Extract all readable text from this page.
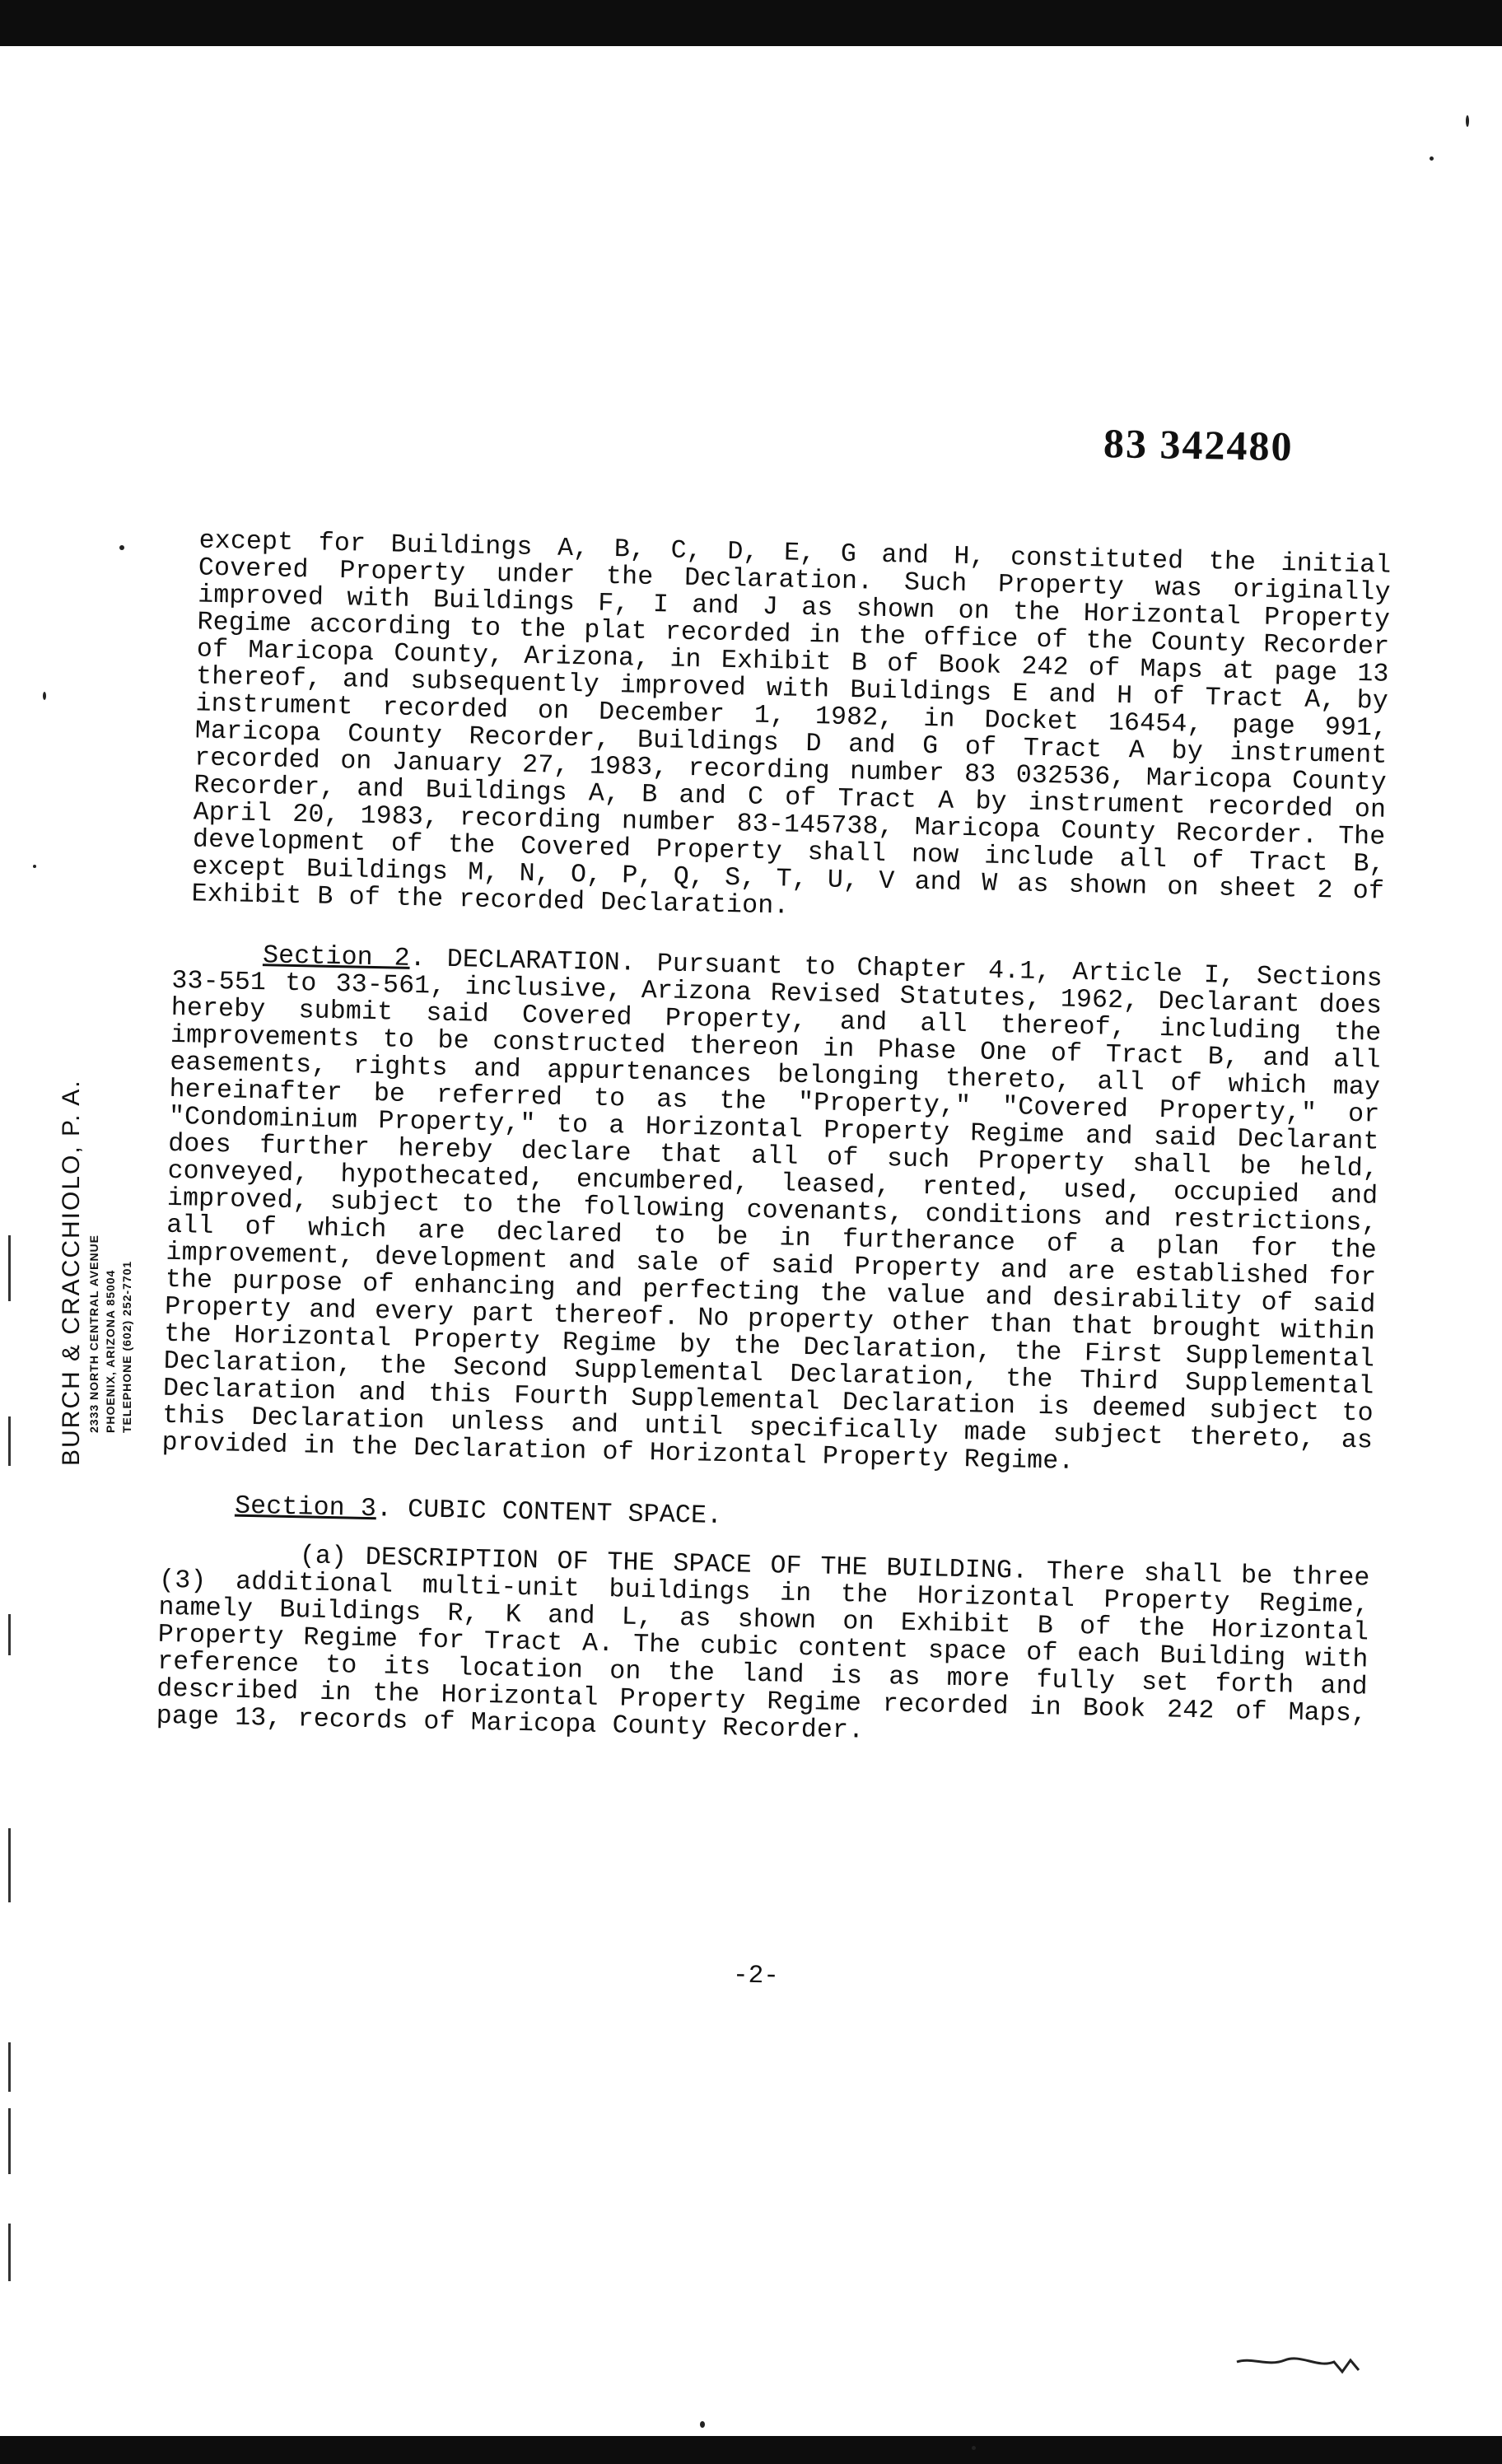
83 342480
BURCH & CRACCHIOLO, P. A. 2333 NORTH CENTRAL AVENUE PHOENIX, ARIZONA 85004 TELEPHONE (602) 252-7701

except for Buildings A, B, C, D, E, G and H, constituted the initial Covered Property under the Declaration. Such Property was originally improved with Buildings F, I and J as shown on the Horizontal Property Regime according to the plat recorded in the office of the County Recorder of Maricopa County, Arizona, in Exhibit B of Book 242 of Maps at page 13 thereof, and subsequently improved with Buildings E and H of Tract A, by instrument recorded on December 1, 1982, in Docket 16454, page 991, Maricopa County Recorder, Buildings D and G of Tract A by instrument recorded on January 27, 1983, recording number 83 032536, Maricopa County Recorder, and Buildings A, B and C of Tract A by instrument recorded on April 20, 1983, recording number 83-145738, Maricopa County Recorder. The development of the Covered Property shall now include all of Tract B, except Buildings M, N, O, P, Q, S, T, U, V and W as shown on sheet 2 of Exhibit B of the recorded Declaration.

Section 2. DECLARATION. Pursuant to Chapter 4.1, Article I, Sections 33-551 to 33-561, inclusive, Arizona Revised Statutes, 1962, Declarant does hereby submit said Covered Property, and all thereof, including the improvements to be constructed thereon in Phase One of Tract B, and all easements, rights and appurtenances belonging thereto, all of which may hereinafter be referred to as the "Property," "Covered Property," or "Condominium Property," to a Horizontal Property Regime and said Declarant does further hereby declare that all of such Property shall be held, conveyed, hypothecated, encumbered, leased, rented, used, occupied and improved, subject to the following covenants, conditions and restrictions, all of which are declared to be in furtherance of a plan for the improvement, development and sale of said Property and are established for the purpose of enhancing and perfecting the value and desirability of said Property and every part thereof. No property other than that brought within the Horizontal Property Regime by the Declaration, the First Supplemental Declaration, the Second Supplemental Declaration, the Third Supplemental Declaration and this Fourth Supplemental Declaration is deemed subject to this Declaration unless and until specifically made subject thereto, as provided in the Declaration of Horizontal Property Regime.

Section 3. CUBIC CONTENT SPACE.

(a) DESCRIPTION OF THE SPACE OF THE BUILDING. There shall be three (3) additional multi-unit buildings in the Horizontal Property Regime, namely Buildings R, K and L, as shown on Exhibit B of the Horizontal Property Regime for Tract A. The cubic content space of each Building with reference to its location on the land is as more fully set forth and described in the Horizontal Property Regime recorded in Book 242 of Maps, page 13, records of Maricopa County Recorder.

-2-
